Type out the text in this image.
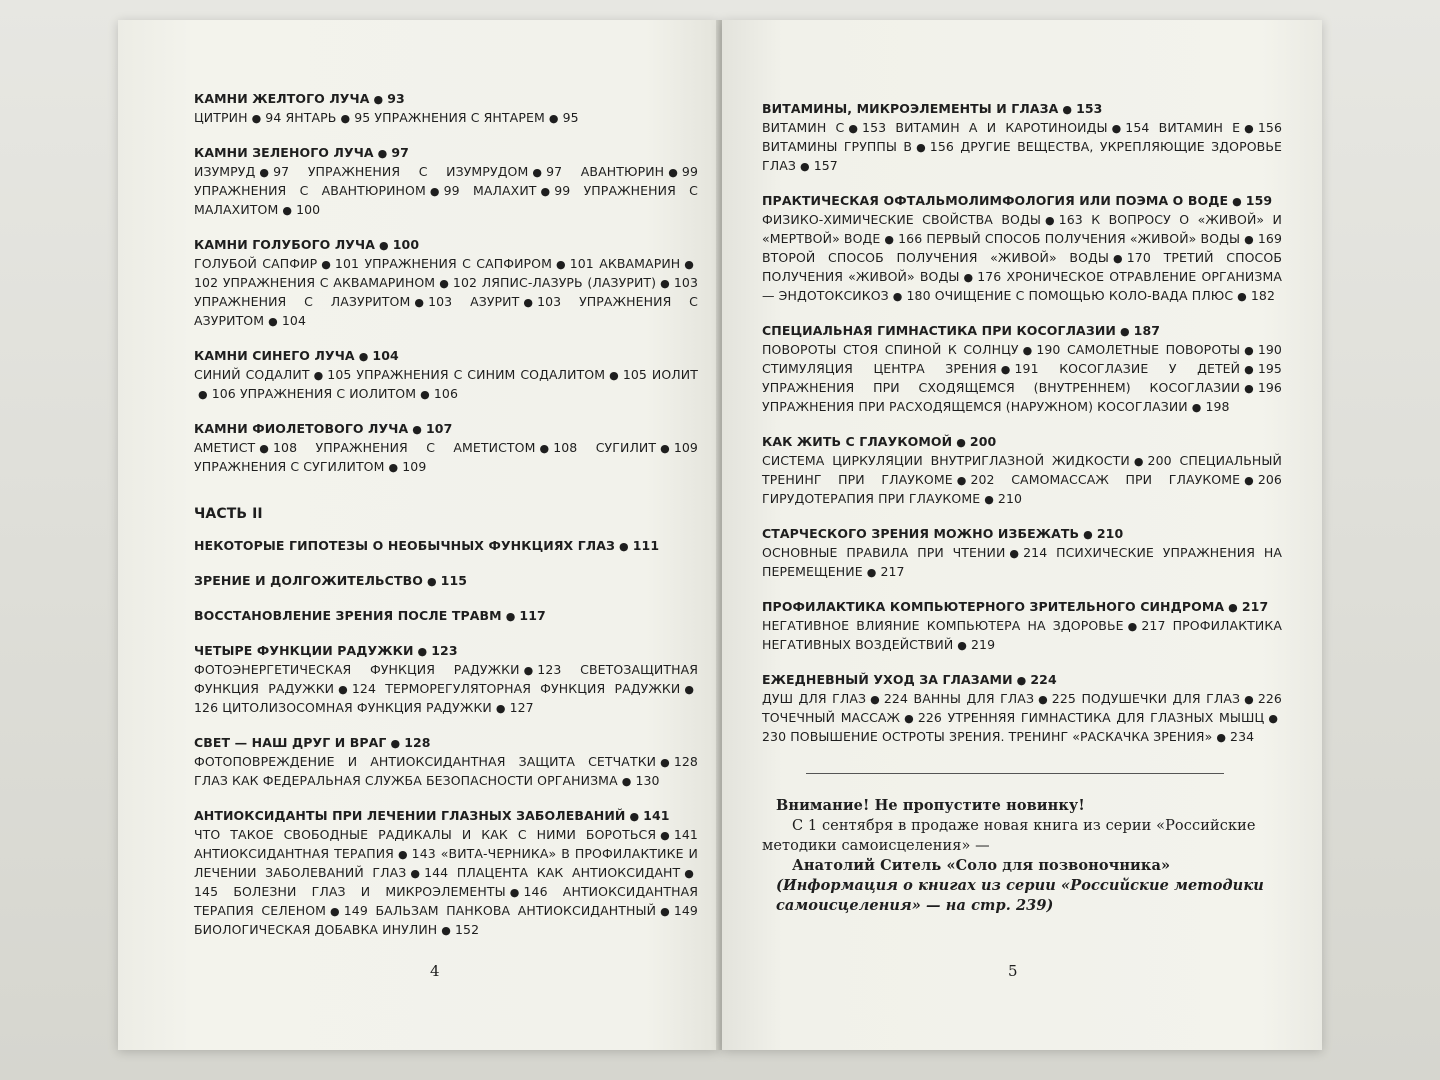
КАМНИ ЖЕЛТОГО ЛУЧА ● 93
ЦИТРИН ● 94 ЯНТАРЬ ● 95 УПРАЖНЕНИЯ С ЯНТАРЕМ ● 95
КАМНИ ЗЕЛЕНОГО ЛУЧА ● 97
ИЗУМРУД ● 97 УПРАЖНЕНИЯ С ИЗУМРУДОМ ● 97 АВАНТЮРИН ● 99 УПРАЖНЕНИЯ С АВАНТЮРИНОМ ● 99 МАЛАХИТ ● 99 УПРАЖНЕНИЯ С МАЛАХИТОМ ● 100
КАМНИ ГОЛУБОГО ЛУЧА ● 100
ГОЛУБОЙ САПФИР ● 101 УПРАЖНЕНИЯ С САПФИРОМ ● 101 АКВАМАРИН ●102 УПРАЖНЕНИЯ С АКВАМАРИНОМ ● 102 ЛЯПИС-ЛАЗУРЬ (ЛАЗУРИТ) ● 103 УПРАЖНЕНИЯ С ЛАЗУРИТОМ ● 103 АЗУРИТ ● 103 УПРАЖНЕНИЯ С АЗУРИТОМ ● 104
КАМНИ СИНЕГО ЛУЧА ● 104
СИНИЙ СОДАЛИТ ● 105 УПРАЖНЕНИЯ С СИНИМ СОДАЛИТОМ ● 105 ИОЛИТ● 106 УПРАЖНЕНИЯ С ИОЛИТОМ ● 106
КАМНИ ФИОЛЕТОВОГО ЛУЧА ● 107
АМЕТИСТ ● 108 УПРАЖНЕНИЯ С АМЕТИСТОМ ● 108 СУГИЛИТ ● 109 УПРАЖНЕНИЯ С СУГИЛИТОМ ● 109
ЧАСТЬ II
НЕКОТОРЫЕ ГИПОТЕЗЫ О НЕОБЫЧНЫХ ФУНКЦИЯХ ГЛАЗ ● 111
ЗРЕНИЕ И ДОЛГОЖИТЕЛЬСТВО ● 115
ВОССТАНОВЛЕНИЕ ЗРЕНИЯ ПОСЛЕ ТРАВМ ● 117
ЧЕТЫРЕ ФУНКЦИИ РАДУЖКИ ● 123
ФОТОЭНЕРГЕТИЧЕСКАЯ ФУНКЦИЯ РАДУЖКИ ● 123 СВЕТОЗАЩИТНАЯ ФУНКЦИЯ РАДУЖКИ ● 124 ТЕРМОРЕГУЛЯТОРНАЯ ФУНКЦИЯ РАДУЖКИ ●126 ЦИТОЛИЗОСОМНАЯ ФУНКЦИЯ РАДУЖКИ ● 127
СВЕТ — НАШ ДРУГ И ВРАГ ● 128
ФОТОПОВРЕЖДЕНИЕ И АНТИОКСИДАНТНАЯ ЗАЩИТА СЕТЧАТКИ ● 128 ГЛАЗ КАК ФЕДЕРАЛЬНАЯ СЛУЖБА БЕЗОПАСНОСТИ ОРГАНИЗМА ● 130
АНТИОКСИДАНТЫ ПРИ ЛЕЧЕНИИ ГЛАЗНЫХ ЗАБОЛЕВАНИЙ ● 141
ЧТО ТАКОЕ СВОБОДНЫЕ РАДИКАЛЫ И КАК С НИМИ БОРОТЬСЯ ● 141 АНТИОКСИДАНТНАЯ ТЕРАПИЯ ● 143 «ВИТА-ЧЕРНИКА» В ПРОФИЛАКТИКЕ И ЛЕЧЕНИИ ЗАБОЛЕВАНИЙ ГЛАЗ ● 144 ПЛАЦЕНТА КАК АНТИОКСИДАНТ ●145 БОЛЕЗНИ ГЛАЗ И МИКРОЭЛЕМЕНТЫ ● 146 АНТИОКСИДАНТНАЯ ТЕРАПИЯ СЕЛЕНОМ ● 149 БАЛЬЗАМ ПАНКОВА АНТИОКСИДАНТНЫЙ ● 149 БИОЛОГИЧЕСКАЯ ДОБАВКА ИНУЛИН ● 152
4
ВИТАМИНЫ, МИКРОЭЛЕМЕНТЫ И ГЛАЗА ● 153
ВИТАМИН С ● 153 ВИТАМИН А И КАРОТИНОИДЫ ● 154 ВИТАМИН Е ● 156 ВИТАМИНЫ ГРУППЫ В ● 156 ДРУГИЕ ВЕЩЕСТВА, УКРЕПЛЯЮЩИЕ ЗДОРОВЬЕ ГЛАЗ ● 157
ПРАКТИЧЕСКАЯ ОФТАЛЬМОЛИМФОЛОГИЯ ИЛИ ПОЭМА О ВОДЕ ● 159
ФИЗИКО-ХИМИЧЕСКИЕ СВОЙСТВА ВОДЫ ● 163 К ВОПРОСУ О «ЖИВОЙ» И «МЕРТВОЙ» ВОДЕ ● 166 ПЕРВЫЙ СПОСОБ ПОЛУЧЕНИЯ «ЖИВОЙ» ВОДЫ ● 169 ВТОРОЙ СПОСОБ ПОЛУЧЕНИЯ «ЖИВОЙ» ВОДЫ ● 170 ТРЕТИЙ СПОСОБ ПОЛУЧЕНИЯ «ЖИВОЙ» ВОДЫ ● 176 ХРОНИЧЕСКОЕ ОТРАВЛЕНИЕ ОРГАНИЗМА — ЭНДОТОКСИКОЗ ● 180 ОЧИЩЕНИЕ С ПОМОЩЬЮ КОЛО-ВАДА ПЛЮС ● 182
СПЕЦИАЛЬНАЯ ГИМНАСТИКА ПРИ КОСОГЛАЗИИ ● 187
ПОВОРОТЫ СТОЯ СПИНОЙ К СОЛНЦУ ● 190 САМОЛЕТНЫЕ ПОВОРОТЫ ● 190 СТИМУЛЯЦИЯ ЦЕНТРА ЗРЕНИЯ ● 191 КОСОГЛАЗИЕ У ДЕТЕЙ ● 195 УПРАЖНЕНИЯ ПРИ СХОДЯЩЕМСЯ (ВНУТРЕННЕМ) КОСОГЛАЗИИ ● 196 УПРАЖНЕНИЯ ПРИ РАСХОДЯЩЕМСЯ (НАРУЖНОМ) КОСОГЛАЗИИ ● 198
КАК ЖИТЬ С ГЛАУКОМОЙ ● 200
СИСТЕМА ЦИРКУЛЯЦИИ ВНУТРИГЛАЗНОЙ ЖИДКОСТИ ● 200 СПЕЦИАЛЬНЫЙ ТРЕНИНГ ПРИ ГЛАУКОМЕ ● 202 САМОМАССАЖ ПРИ ГЛАУКОМЕ ● 206 ГИРУДОТЕРАПИЯ ПРИ ГЛАУКОМЕ ● 210
СТАРЧЕСКОГО ЗРЕНИЯ МОЖНО ИЗБЕЖАТЬ ● 210
ОСНОВНЫЕ ПРАВИЛА ПРИ ЧТЕНИИ ● 214 ПСИХИЧЕСКИЕ УПРАЖНЕНИЯ НА ПЕРЕМЕЩЕНИЕ ● 217
ПРОФИЛАКТИКА КОМПЬЮТЕРНОГО ЗРИТЕЛЬНОГО СИНДРОМА ● 217
НЕГАТИВНОЕ ВЛИЯНИЕ КОМПЬЮТЕРА НА ЗДОРОВЬЕ ● 217 ПРОФИЛАКТИКА НЕГАТИВНЫХ ВОЗДЕЙСТВИЙ ● 219
ЕЖЕДНЕВНЫЙ УХОД ЗА ГЛАЗАМИ ● 224
ДУШ ДЛЯ ГЛАЗ ● 224 ВАННЫ ДЛЯ ГЛАЗ ● 225 ПОДУШЕЧКИ ДЛЯ ГЛАЗ ● 226 ТОЧЕЧНЫЙ МАССАЖ ● 226 УТРЕННЯЯ ГИМНАСТИКА ДЛЯ ГЛАЗНЫХ МЫШЦ ●230 ПОВЫШЕНИЕ ОСТРОТЫ ЗРЕНИЯ. ТРЕНИНГ «РАСКАЧКА ЗРЕНИЯ» ● 234
Внимание! Не пропустите новинку!

С 1 сентября в продаже новая книга из серии «Российские методики самоисцеления» —

Анатолий Ситель «Соло для позвоночника»
(Информация о книгах из серии «Российские методики самоисцеления» — на стр. 239)
5
